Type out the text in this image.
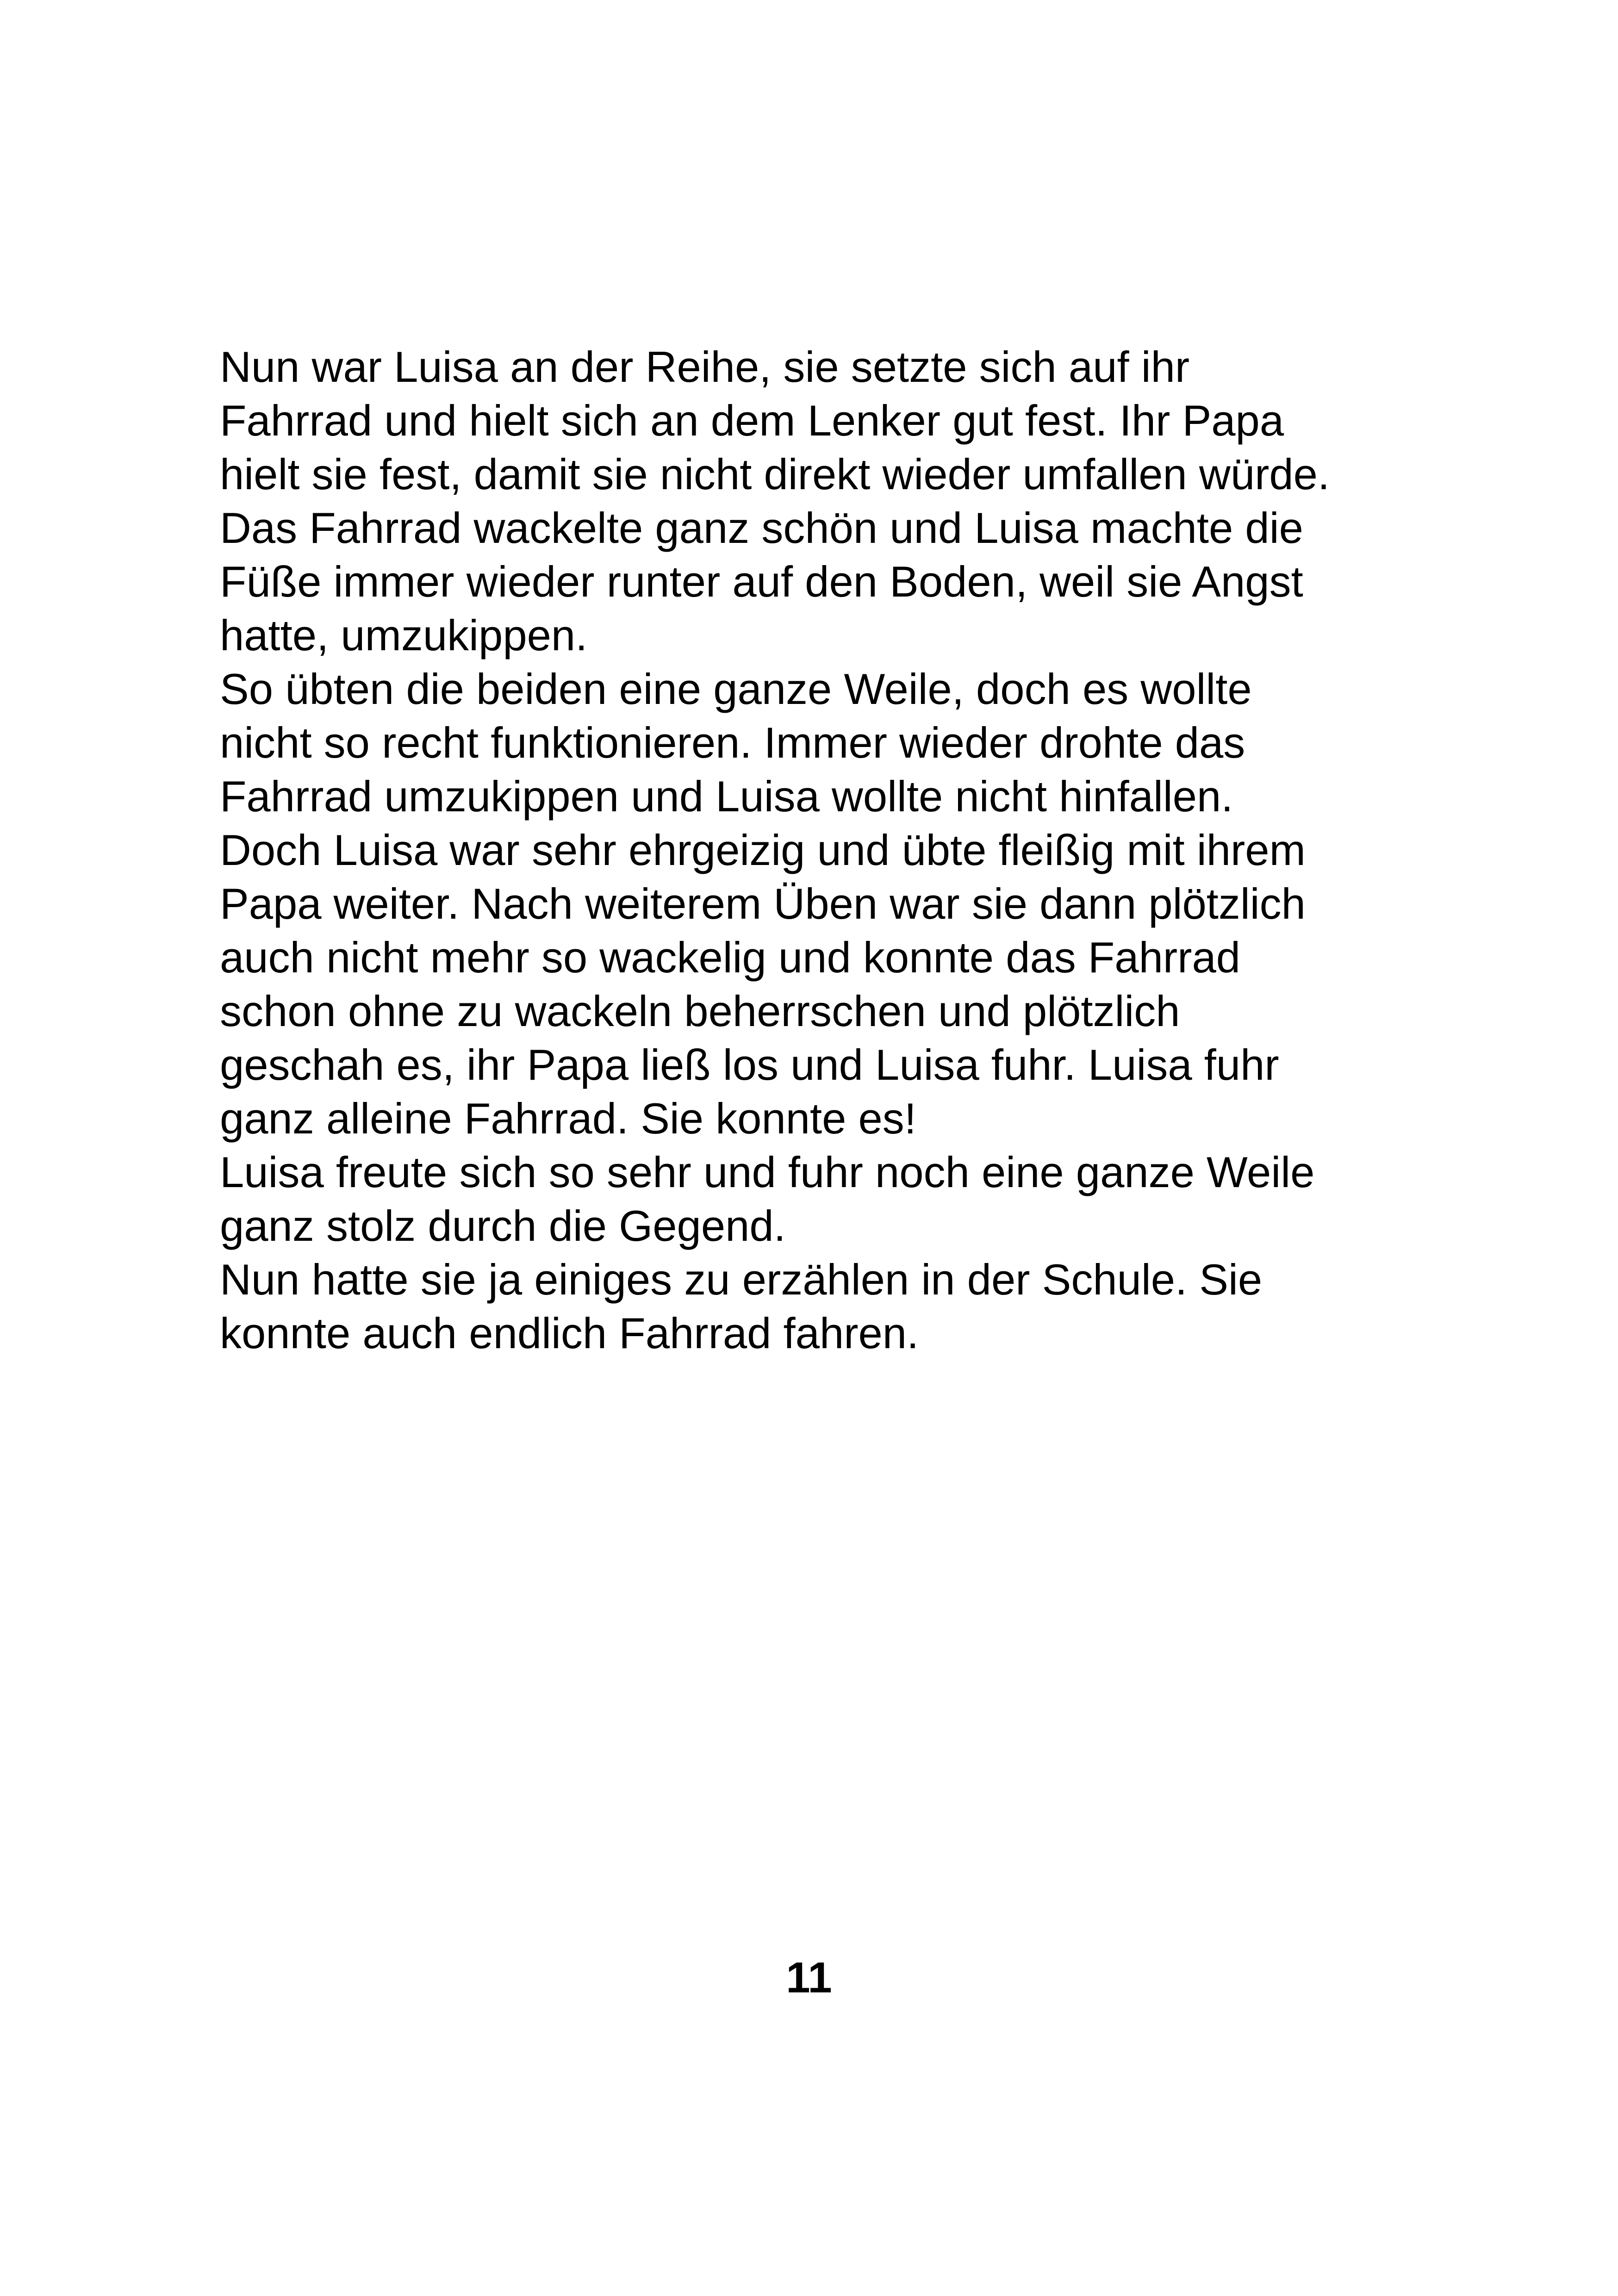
Nun war Luisa an der Reihe, sie setzte sich auf ihr
Fahrrad und hielt sich an dem Lenker gut fest. Ihr Papa
hielt sie fest, damit sie nicht direkt wieder umfallen würde.
Das Fahrrad wackelte ganz schön und Luisa machte die
Füße immer wieder runter auf den Boden, weil sie Angst
hatte, umzukippen.
So übten die beiden eine ganze Weile, doch es wollte
nicht so recht funktionieren. Immer wieder drohte das
Fahrrad umzukippen und Luisa wollte nicht hinfallen.
Doch Luisa war sehr ehrgeizig und übte fleißig mit ihrem
Papa weiter. Nach weiterem Üben war sie dann plötzlich
auch nicht mehr so wackelig und konnte das Fahrrad
schon ohne zu wackeln beherrschen und plötzlich
geschah es, ihr Papa ließ los und Luisa fuhr. Luisa fuhr
ganz alleine Fahrrad. Sie konnte es!
Luisa freute sich so sehr und fuhr noch eine ganze Weile
ganz stolz durch die Gegend.
Nun hatte sie ja einiges zu erzählen in der Schule. Sie
konnte auch endlich Fahrrad fahren.
11
